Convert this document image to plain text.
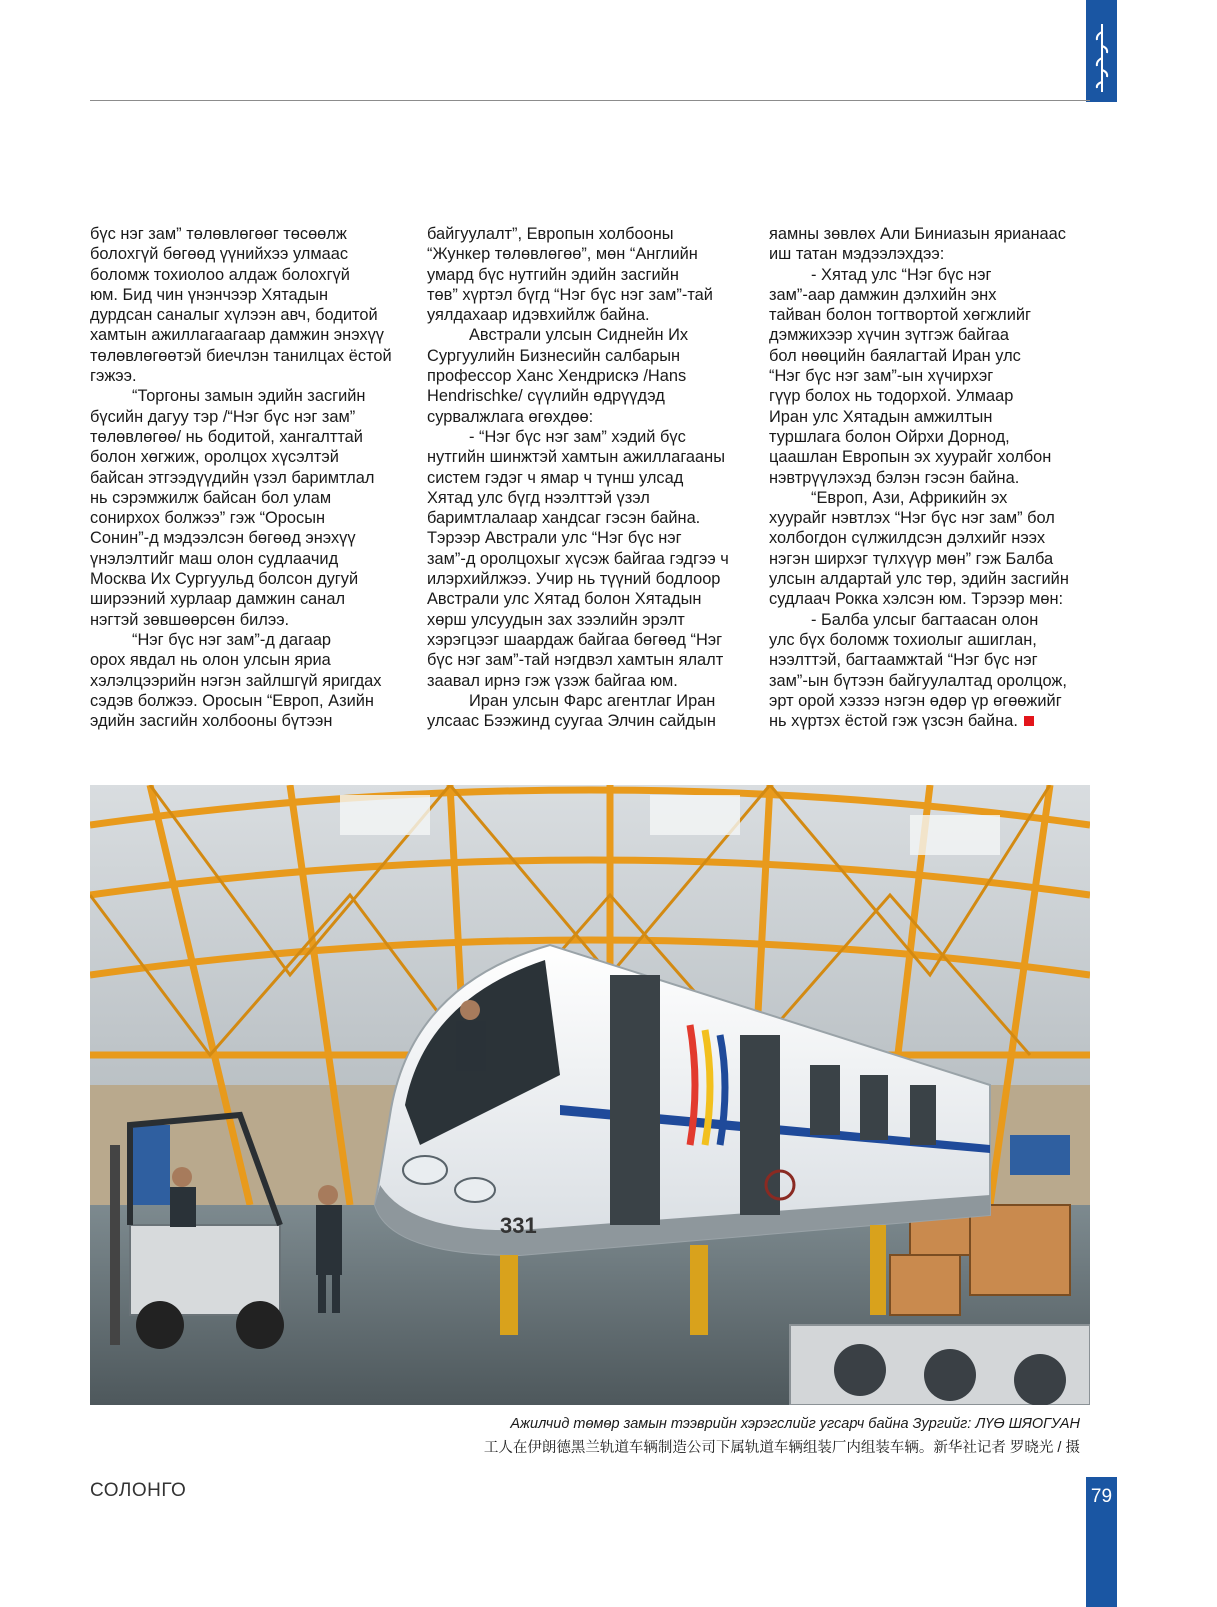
бүс нэг зам” төлөвлөгөөг төсөөлж

болохгүй бөгөөд үүнийхээ улмаас

боломж тохиолоо алдаж болохгүй

юм. Бид чин үнэнчээр Хятадын

дурдсан саналыг хүлээн авч, бодитой

хамтын ажиллагаагаар дамжин энэхүү

төлөвлөгөөтэй биечлэн танилцах ёстой

гэжээ.

“Торгоны замын эдийн засгийн

бүсийн дагуу тэр /“Нэг бүс нэг зам”

төлөвлөгөө/ нь бодитой, хангалттай

болон хөгжиж, оролцох хүсэлтэй

байсан этгээдүүдийн үзэл баримтлал

нь сэрэмжилж байсан бол улам

сонирхох болжээ” гэж “Оросын

Сонин”-д мэдээлсэн бөгөөд энэхүү

үнэлэлтийг маш олон судлаачид

Москва Их Сургуульд болсон дугуй

ширээний хурлаар дамжин санал

нэгтэй зөвшөөрсөн билээ.

“Нэг бүс нэг зам”-д дагаар

орох явдал нь олон улсын яриа

хэлэлцээрийн нэгэн зайлшгүй яригдах

сэдэв болжээ. Оросын “Европ, Азийн

эдийн засгийн холбооны бүтээн

байгуулалт”, Европын холбооны

“Жункер төлөвлөгөө”, мөн “Английн

умард бүс нутгийн эдийн засгийн

төв” хүртэл бүгд “Нэг бүс нэг зам”-тай

уялдахаар идэвхийлж байна.

Австрали улсын Сиднейн Их

Сургуулийн Бизнесийн салбарын

профессор Ханс Хендрискэ /Hans

Hendrischke/ сүүлийн өдрүүдэд

сурвалжлага өгөхдөө:

- “Нэг бүс нэг зам” хэдий бүс

нутгийн шинжтэй хамтын ажиллагааны

систем гэдэг ч ямар ч түнш улсад

Хятад улс бүгд нээлттэй үзэл

баримтлалаар хандсаг гэсэн байна.

Тэрээр Австрали улс “Нэг бүс нэг

зам”-д оролцохыг хүсэж байгаа гэдгээ ч

илэрхийлжээ. Учир нь түүний бодлоор

Австрали улс Хятад болон Хятадын

хөрш улсуудын зах зээлийн эрэлт

хэрэгцээг шаардаж байгаа бөгөөд “Нэг

бүс нэг зам”-тай нэгдвэл хамтын ялалт

заавал ирнэ гэж үзэж байгаа юм.

Иран улсын Фарс агентлаг Иран

улсаас Бээжинд суугаа Элчин сайдын

яамны зөвлөх Али Биниазын ярианаас

иш татан мэдээлэхдээ:

- Хятад улс “Нэг бүс нэг

зам”-аар дамжин дэлхийн энх

тайван болон тогтвортой хөгжлийг

дэмжихээр хүчин зүтгэж байгаа

бол нөөцийн баялагтай Иран улс

“Нэг бүс нэг зам”-ын хүчирхэг

гүүр болох нь тодорхой. Улмаар

Иран улс Хятадын амжилтын

туршлага болон Ойрхи Дорнод,

цаашлан Европын эх хуурайг холбон

нэвтрүүлэхэд бэлэн гэсэн байна.

“Европ, Ази, Африкийн эх

хуурайг нэвтлэх “Нэг бүс нэг зам” бол

холбогдон сүлжилдсэн дэлхийг нээх

нэгэн ширхэг түлхүүр мөн” гэж Балба

улсын алдартай улс төр, эдийн засгийн

судлаач Рокка хэлсэн юм. Тэрээр мөн:

- Балба улсыг багтаасан олон

улс бүх боломж тохиолыг ашиглан,

нээлттэй, багтаамжтай “Нэг бүс нэг

зам”-ын бүтээн байгуулалтад оролцож,

эрт орой хэзээ нэгэн өдөр үр өгөөжийг

нь хүртэх ёстой гэж үзсэн байна.

331
Ажилчид төмөр замын тээврийн хэрэгслийг угсарч байна Зургийг: ЛҮӨ ШЯОГУАН
工人在伊朗德黑兰轨道车辆制造公司下属轨道车辆组装厂内组装车辆。新华社记者 罗晓光 / 摄
СОЛОНГО	79
